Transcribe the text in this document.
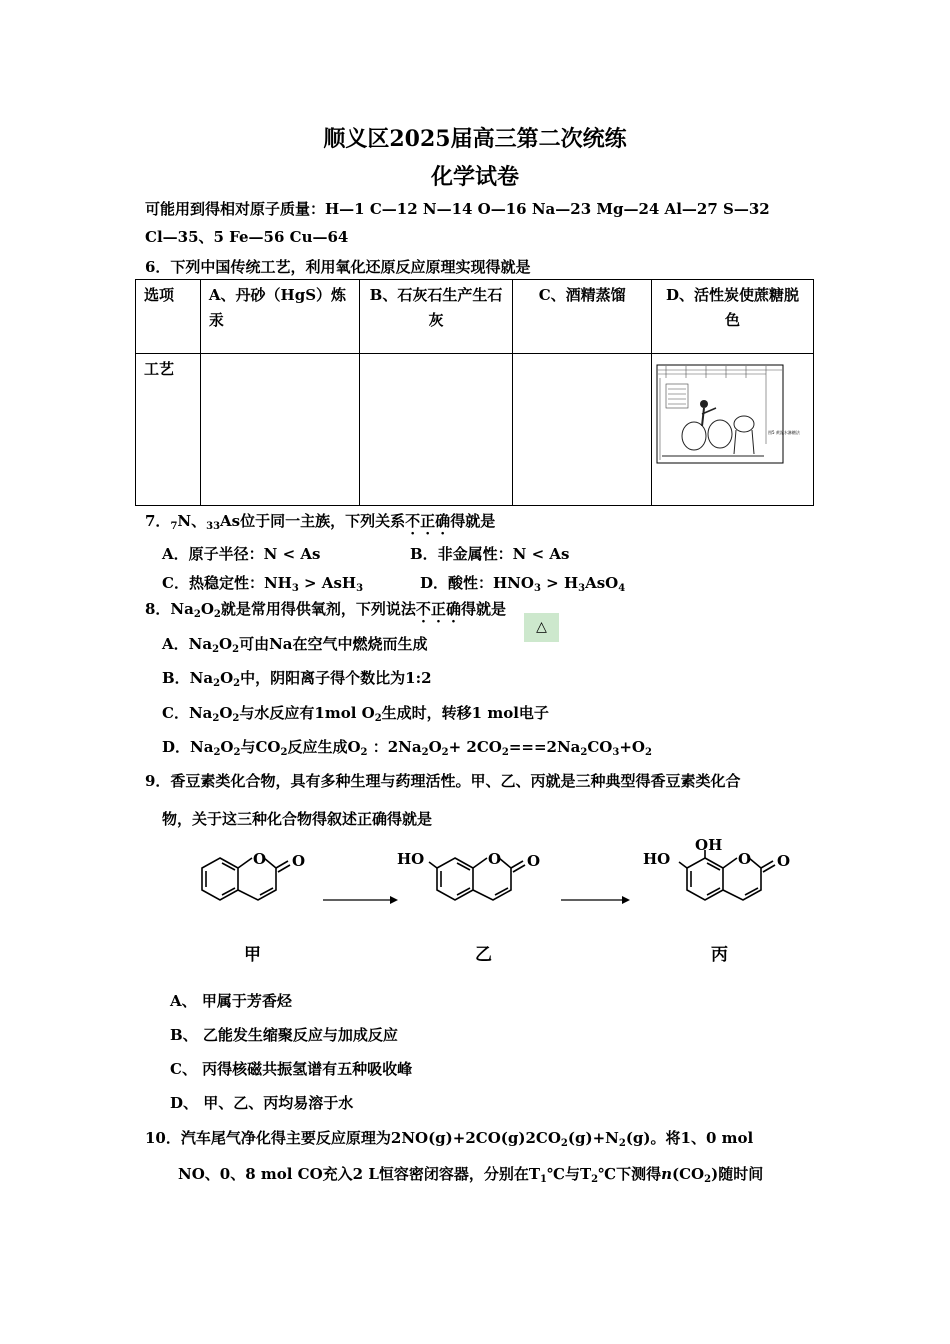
顺义区2025届高三第二次统练
化学试卷
可能用到得相对原子质量：H—1 C—12 N—14 O—16 Na—23 Mg—24 Al—27 S—32
Cl—35、5 Fe—56 Cu—64
6．下列中国传统工艺，利用氧化还原反应原理实现得就是
选项	A、丹砂（HgS）炼汞	B、石灰石生产生石灰	C、酒精蒸馏	D、活性炭使蔗糖脱色
工艺				图5 黄泥水淋糖法
7．$_7$N、$_{33}$As位于同一主族，下列关系不正确得就是
A．原子半径：N < As	B．非金属性：N < As
C．热稳定性：$NH_3 > AsH_3$	D．酸性：$HNO_3 > H_3AsO_4$
8．$Na_2O_2$就是常用得供氧剂，下列说法不正确得就是
△
A．$Na_2O_2$可由Na在空气中燃烧而生成
B．$Na_2O_2$中，阴阳离子得个数比为1:2
C．$Na_2O_2$与水反应有1mol $O_2$生成时，转移1 mol电子
D．$Na_2O_2$与$CO_2$反应生成$O_2$ ：$2Na_2O_2+ 2CO_2===2Na_2CO_3+O_2$
9．香豆素类化合物，具有多种生理与药理活性。甲、乙、丙就是三种典型得香豆素类化合
物，关于这三种化合物得叙述正确得就是
O O
甲
HO	O O
乙
HO
OH
O O
丙
A、 甲属于芳香烃
B、 乙能发生缩聚反应与加成反应
C、 丙得核磁共振氢谱有五种吸收峰
D、 甲、乙、丙均易溶于水
10．汽车尾气净化得主要反应原理为$2NO(g)+2CO(g)2CO_2(g)+N_2(g)$。将1、0 mol
NO、0、8 mol CO充入2 L恒容密闭容器，分别在$T_1℃$与$T_2℃$下测得$n(CO_2)$随时间
